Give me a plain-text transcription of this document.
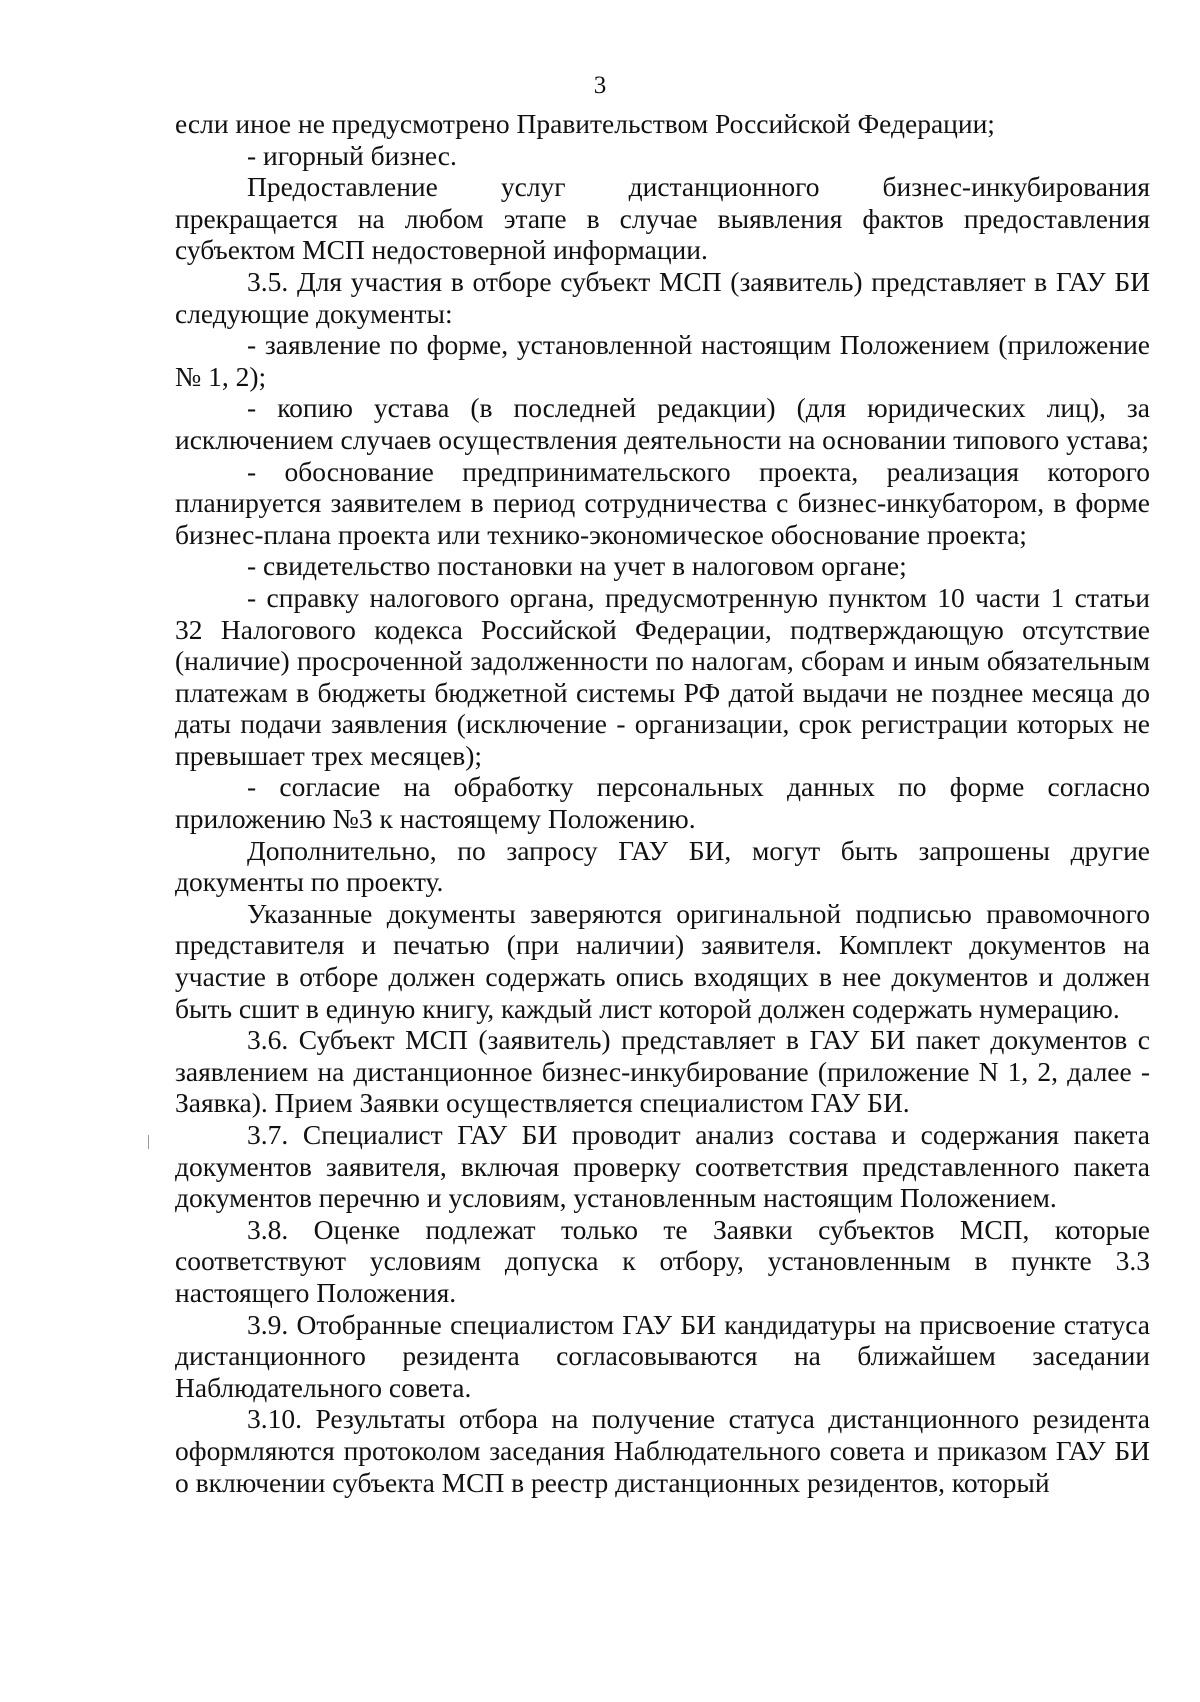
3

если иное не предусмотрено Правительством Российской Федерации;

- игорный бизнес.

Предоставление услуг дистанционного бизнес-инкубирования прекращается на любом этапе в случае выявления фактов предоставления субъектом МСП недостоверной информации.

3.5. Для участия в отборе субъект МСП (заявитель) представляет в ГАУ БИ следующие документы:

- заявление по форме, установленной настоящим Положением (приложение № 1, 2);

- копию устава (в последней редакции) (для юридических лиц), за исключением случаев осуществления деятельности на основании типового устава;

- обоснование предпринимательского проекта, реализация которого планируется заявителем в период сотрудничества с бизнес-инкубатором, в форме бизнес-плана проекта или технико-экономическое обоснование проекта;

- свидетельство постановки на учет в налоговом органе;

- справку налогового органа, предусмотренную пунктом 10 части 1 статьи 32 Налогового кодекса Российской Федерации, подтверждающую отсутствие (наличие) просроченной задолженности по налогам, сборам и иным обязательным платежам в бюджеты бюджетной системы РФ датой выдачи не позднее месяца до даты подачи заявления (исключение - организации, срок регистрации которых не превышает трех месяцев);

- согласие на обработку персональных данных по форме согласно приложению №3 к настоящему Положению.

Дополнительно, по запросу ГАУ БИ, могут быть запрошены другие документы по проекту.

Указанные документы заверяются оригинальной подписью правомочного представителя и печатью (при наличии) заявителя. Комплект документов на участие в отборе должен содержать опись входящих в нее документов и должен быть сшит в единую книгу, каждый лист которой должен содержать нумерацию.

3.6. Субъект МСП (заявитель) представляет в ГАУ БИ пакет документов с заявлением на дистанционное бизнес-инкубирование (приложение N 1, 2, далее - Заявка). Прием Заявки осуществляется специалистом ГАУ БИ.

3.7. Специалист ГАУ БИ проводит анализ состава и содержания пакета документов заявителя, включая проверку соответствия представленного пакета документов перечню и условиям, установленным настоящим Положением.

3.8. Оценке подлежат только те Заявки субъектов МСП, которые соответствуют условиям допуска к отбору, установленным в пункте 3.3 настоящего Положения.

3.9. Отобранные специалистом ГАУ БИ кандидатуры на присвоение статуса дистанционного резидента согласовываются на ближайшем заседании Наблюдательного совета.

3.10. Результаты отбора на получение статуса дистанционного резидента оформляются протоколом заседания Наблюдательного совета и приказом ГАУ БИ о включении субъекта МСП в реестр дистанционных резидентов, который
